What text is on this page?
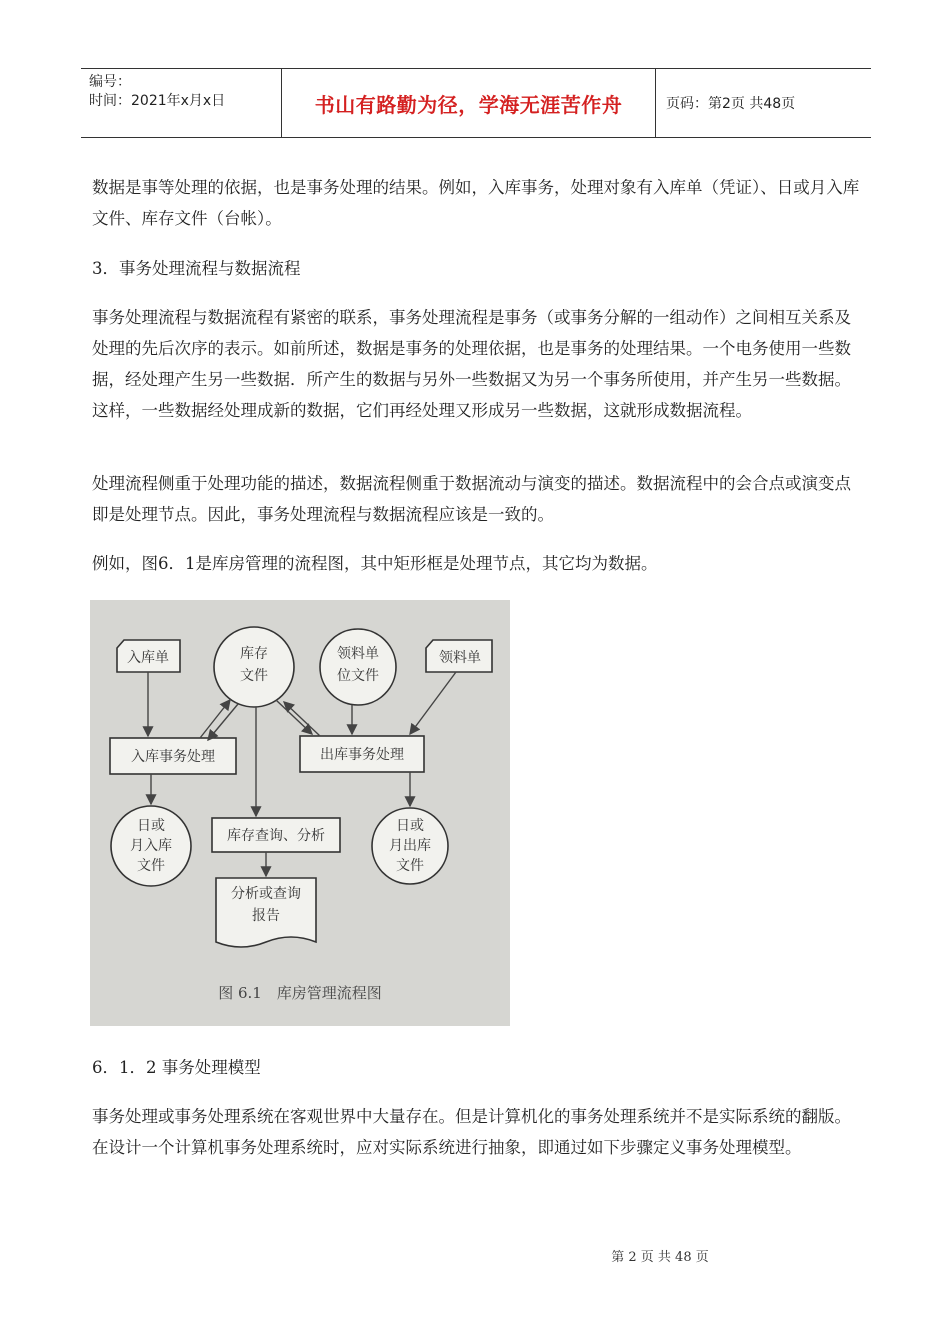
编号：
时间：2021年x月x日	书山有路勤为径，学海无涯苦作舟	页码：第2页 共48页

数据是事等处理的依据，也是事务处理的结果。例如，入库事务，处理对象有入库单（凭证）、日或月入库文件、库存文件（台帐）。

3．事务处理流程与数据流程

事务处理流程与数据流程有紧密的联系，事务处理流程是事务（或事务分解的一组动作）之间相互关系及处理的先后次序的表示。如前所述，数据是事务的处理依据，也是事务的处理结果。一个电务使用一些数据，经处理产生另一些数据．所产生的数据与另外一些数据又为另一个事务所使用，并产生另一些数据。这样，一些数据经处理成新的数据，它们再经处理又形成另一些数据，这就形成数据流程。

处理流程侧重于处理功能的描述，数据流程侧重于数据流动与演变的描述。数据流程中的会合点或演变点即是处理节点。因此，事务处理流程与数据流程应该是一致的。

例如，图6．1是库房管理的流程图，其中矩形框是处理节点，其它均为数据。

入库单	库存
文件
领料单
位文件
领料单
入库事务处理	出库事务处理
日或
月入库
文件
库存查询、分析
日或
月出库
文件
分析或查询
报告
图 6.1　库房管理流程图

6．1．2 事务处理模型

事务处理或事务处理系统在客观世界中大量存在。但是计算机化的事务处理系统并不是实际系统的翻版。在设计一个计算机事务处理系统时，应对实际系统进行抽象，即通过如下步骤定义事务处理模型。

第 2 页 共 48 页
